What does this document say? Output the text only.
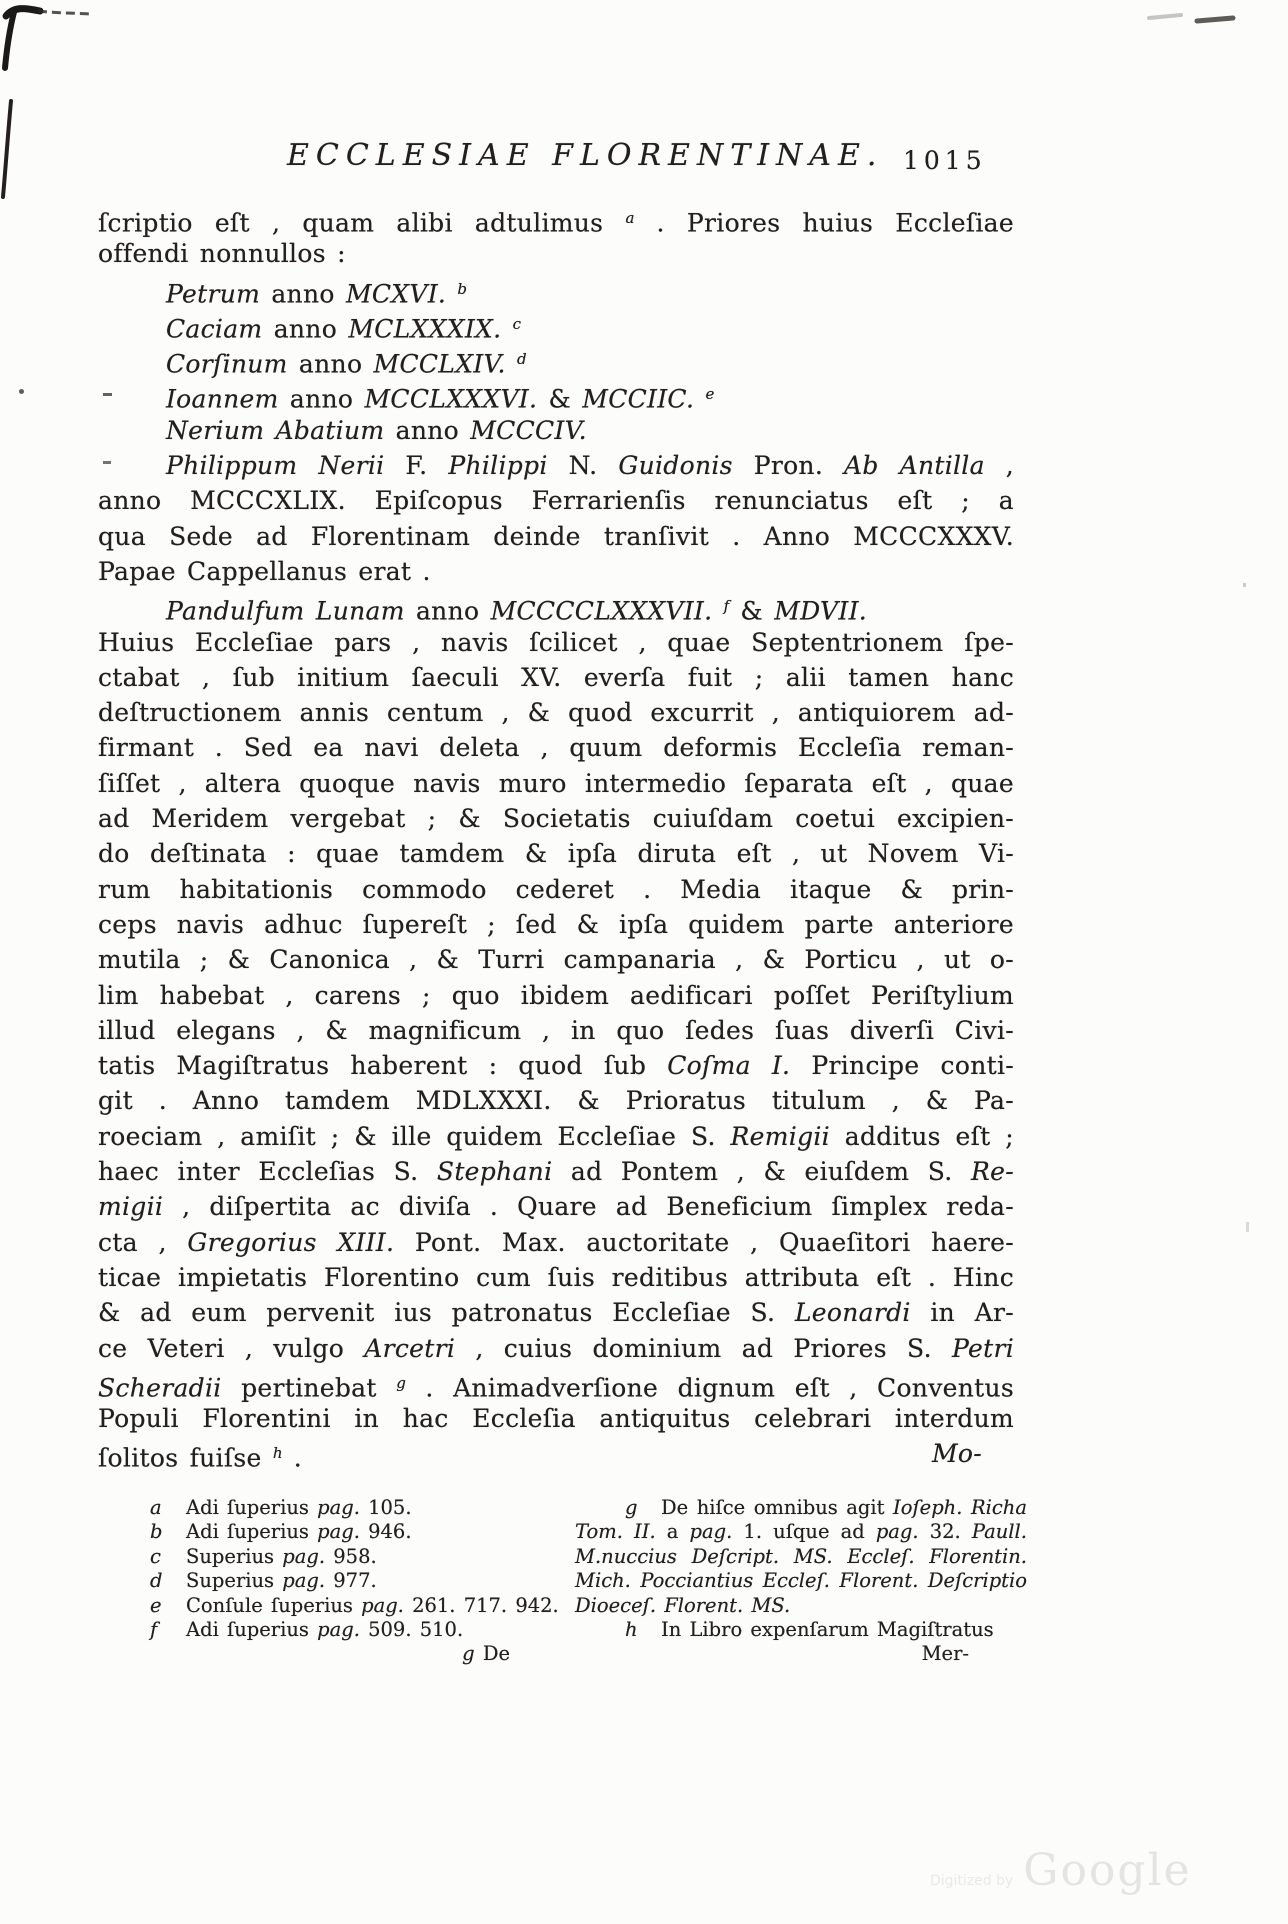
ECCLESIAE FLORENTINAE. 1015
ſcriptio eſt , quam alibi adtulimus $^a$ . Priores huius Eccleſiae
offendi nonnullos :
Petrum anno MCXVI. $^b$
Caciam anno MCLXXXIX. $^c$
Corſinum anno MCCLXIV. $^d$
Ioannem anno MCCLXXXVI. & MCCIIC. $^e$
Nerium Abatium anno MCCCIV.
Philippum Nerii F. Philippi N. Guidonis Pron. Ab Antilla ,
anno MCCCXLIX. Epiſcopus Ferrarienſis renunciatus eſt ; a
qua Sede ad Florentinam deinde tranſivit . Anno MCCCXXXV.
Papae Cappellanus erat .
Pandulfum Lunam anno MCCCCLXXXVII. $^f$ & MDVII.
Huius Eccleſiae pars , navis ſcilicet , quae Septentrionem ſpe-
ctabat , ſub initium ſaeculi XV. everſa fuit ; alii tamen hanc
deſtructionem annis centum , & quod excurrit , antiquiorem ad-
firmant . Sed ea navi deleta , quum deformis Eccleſia reman-
ſiſſet , altera quoque navis muro intermedio ſeparata eſt , quae
ad Meridem vergebat ; & Societatis cuiuſdam coetui excipien-
do deſtinata : quae tamdem & ipſa diruta eſt , ut Novem Vi-
rum habitationis commodo cederet . Media itaque & prin-
ceps navis adhuc ſupereſt ; ſed & ipſa quidem parte anteriore
mutila ; & Canonica , & Turri campanaria , & Porticu , ut o-
lim habebat , carens ; quo ibidem aedificari poſſet Periſtylium
illud elegans , & magnificum , in quo ſedes ſuas diverſi Civi-
tatis Magiſtratus haberent : quod ſub Coſma I. Principe conti-
git . Anno tamdem MDLXXXI. & Prioratus titulum , & Pa-
roeciam , amiſit ; & ille quidem Eccleſiae S. Remigii additus eſt ;
haec inter Eccleſias S. Stephani ad Pontem , & eiuſdem S. Re-
migii , diſpertita ac diviſa . Quare ad Beneficium ſimplex reda-
cta , Gregorius XIII. Pont. Max. auctoritate , Quaeſitori haere-
ticae impietatis Florentino cum ſuis reditibus attributa eſt . Hinc
& ad eum pervenit ius patronatus Eccleſiae S. Leonardi in Ar-
ce Veteri , vulgo Arcetri , cuius dominium ad Priores S. Petri
Scheradii pertinebat $^g$ . Animadverſione dignum eſt , Conventus
Populi Florentini in hac Eccleſia antiquitus celebrari interdum
ſolitos fuiſse $^h$ .	Mo-
a Adi ſuperius pag. 105.
b Adi ſuperius pag. 946.
c Superius pag. 958.
d Superius pag. 977.
e Conſule ſuperius pag. 261. 717. 942.
f Adi ſuperius pag. 509. 510.
g De
g De hiſce omnibus agit Ioſeph. Richa
Tom. II. a pag. 1. uſque ad pag. 32. Paull.
M.nuccius Deſcript. MS. Eccleſ. Florentin.
Mich. Pocciantius Eccleſ. Florent. Deſcriptio
Dioeceſ. Florent. MS.
h In Libro expenſarum Magiſtratus
Mer-
Digitized by Google
